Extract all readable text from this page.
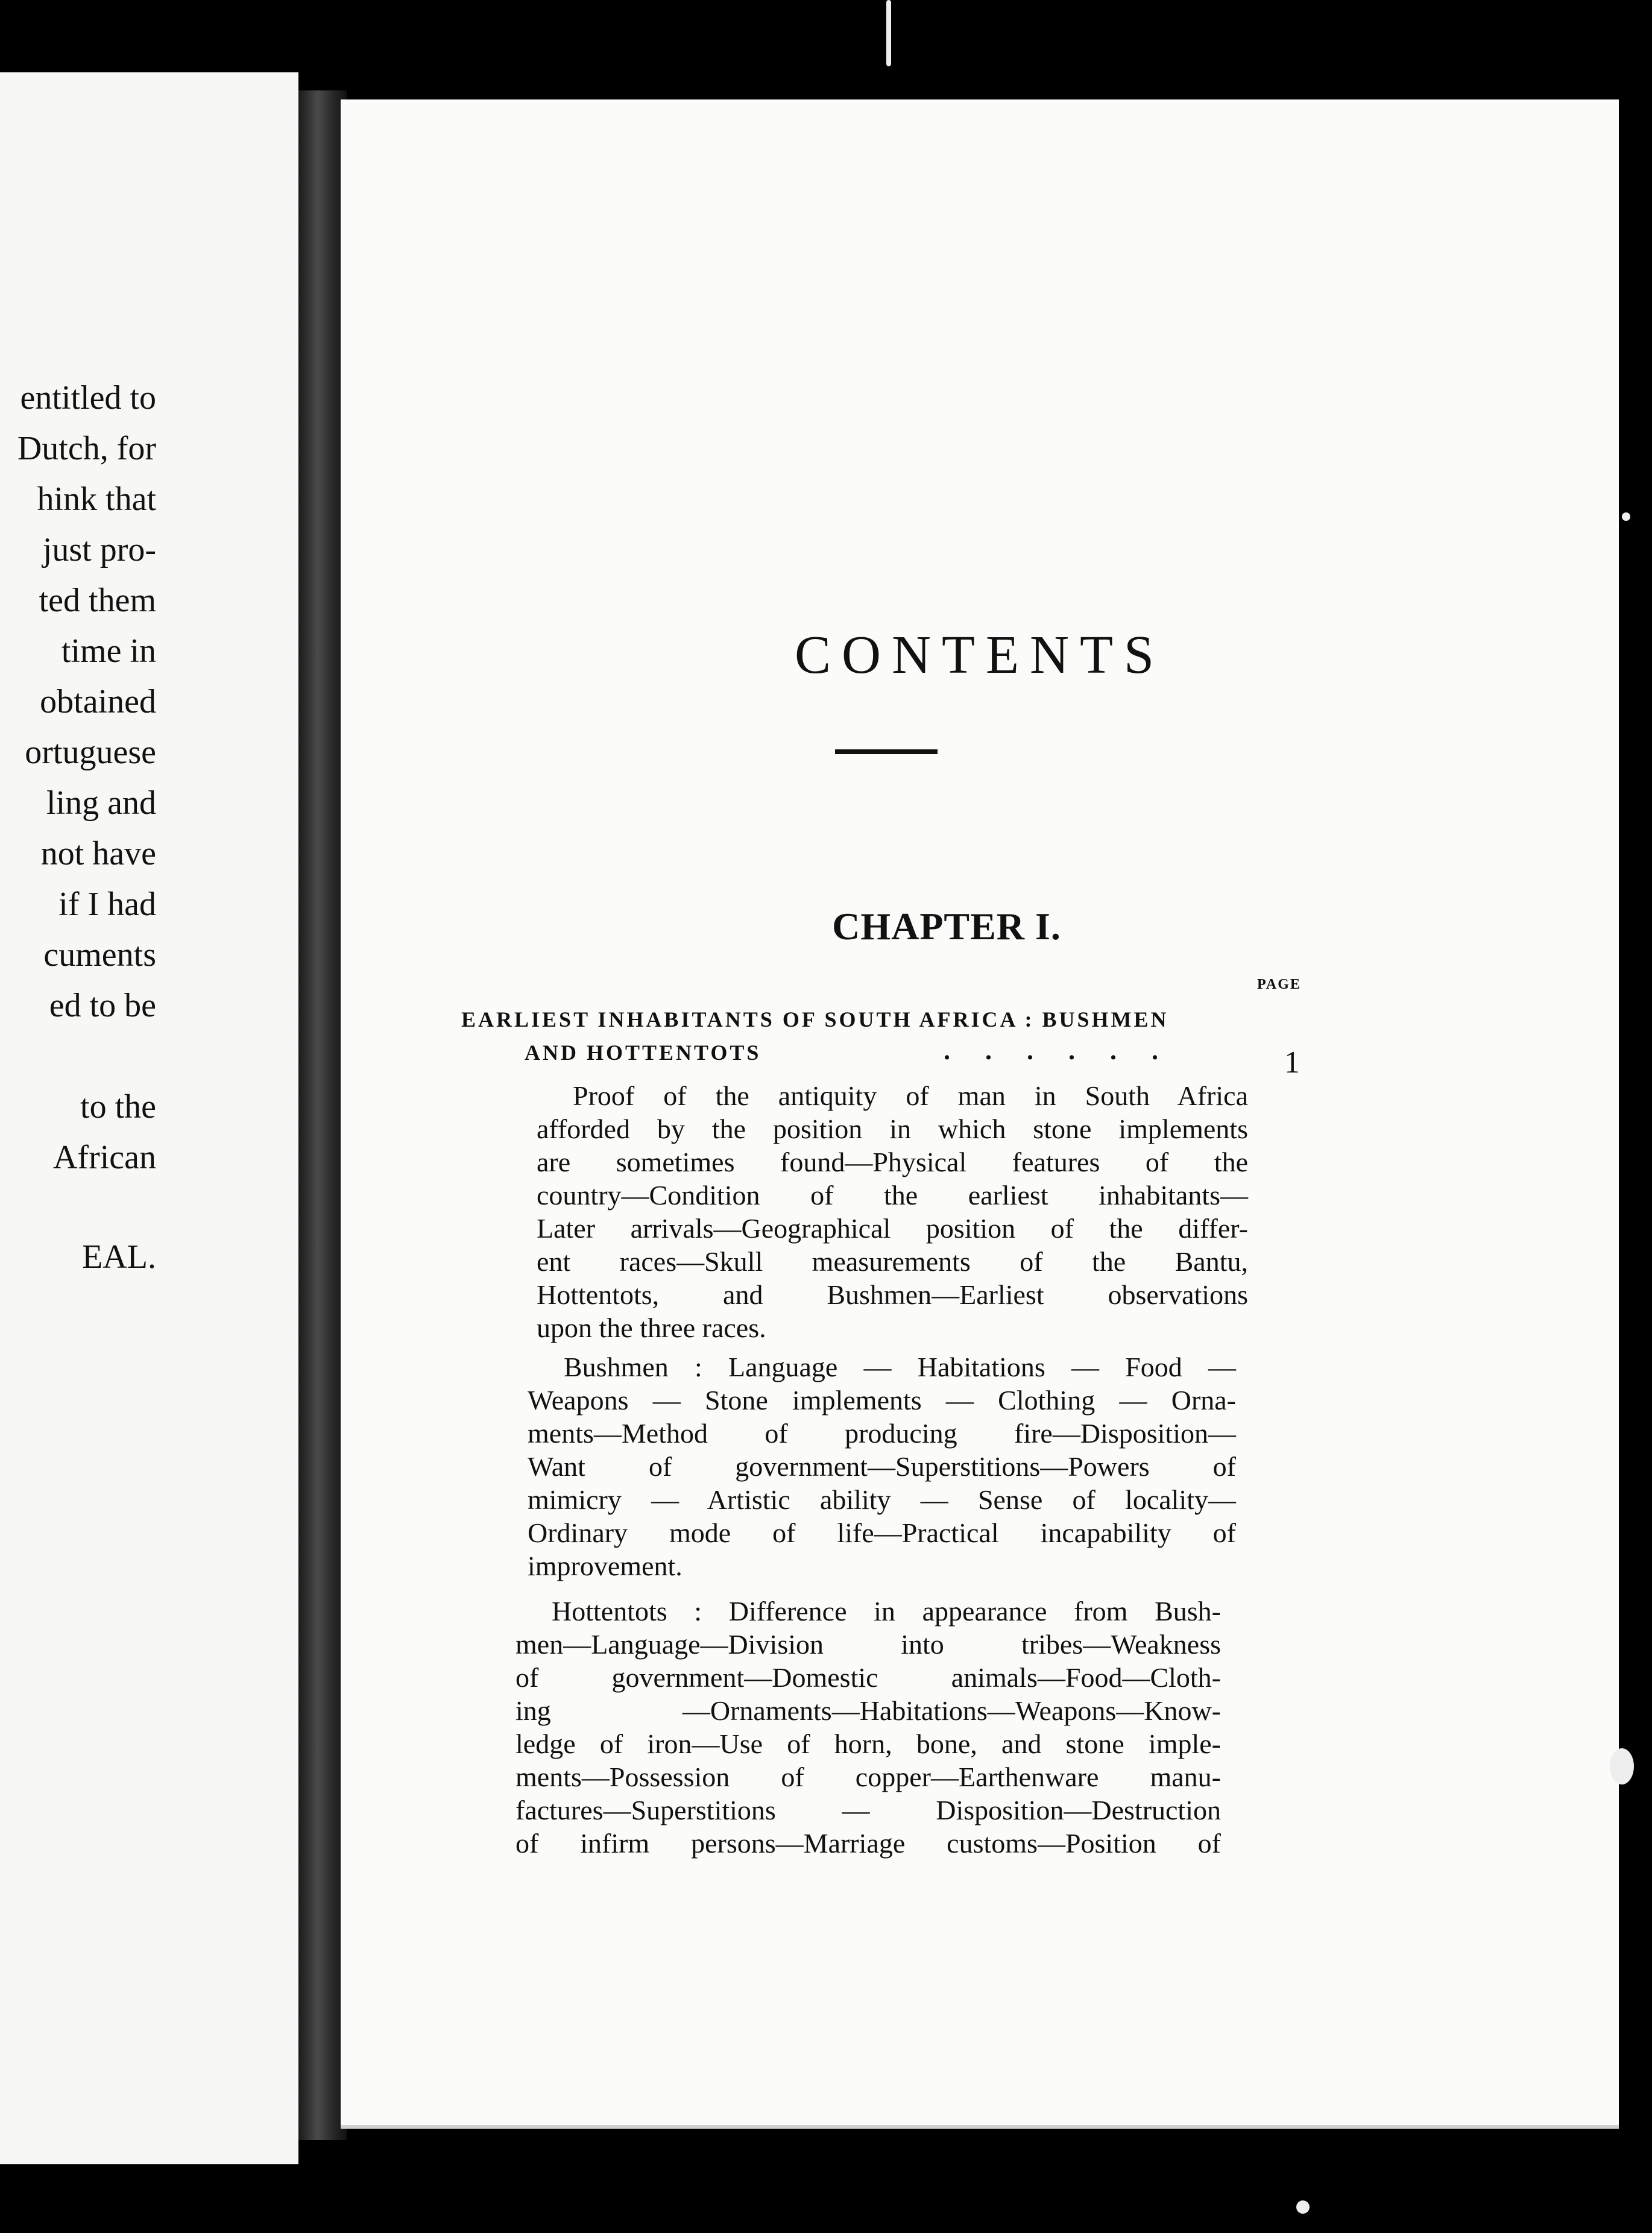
entitled to
Dutch, for
hink that
just pro-
ted them
time in
obtained
ortuguese
ling and
not have
if I had
cuments
ed to be
to the
African
EAL.
CONTENTS
CHAPTER I.
PAGE
EARLIEST INHABITANTS OF SOUTH AFRICA : BUSHMEN
AND HOTTENTOTS	......	1
Proof of the antiquity of man in South Africa
afforded by the position in which stone implements
are sometimes found—Physical features of the
country—Condition of the earliest inhabitants—
Later arrivals—Geographical position of the differ-
ent races—Skull measurements of the Bantu,
Hottentots, and Bushmen—Earliest observations
upon the three races.
Bushmen : Language — Habitations — Food —
Weapons — Stone implements — Clothing — Orna-
ments—Method of producing fire—Disposition—
Want of government—Superstitions—Powers of
mimicry — Artistic ability — Sense of locality—
Ordinary mode of life—Practical incapability of
improvement.
Hottentots : Difference in appearance from Bush-
men—Language—Division into tribes—Weakness
of government—Domestic animals—Food—Cloth-
ing —Ornaments—Habitations—Weapons—Know-
ledge of iron—Use of horn, bone, and stone imple-
ments—Possession of copper—Earthenware manu-
factures—Superstitions — Disposition—Destruction
of infirm persons—Marriage customs—Position of
